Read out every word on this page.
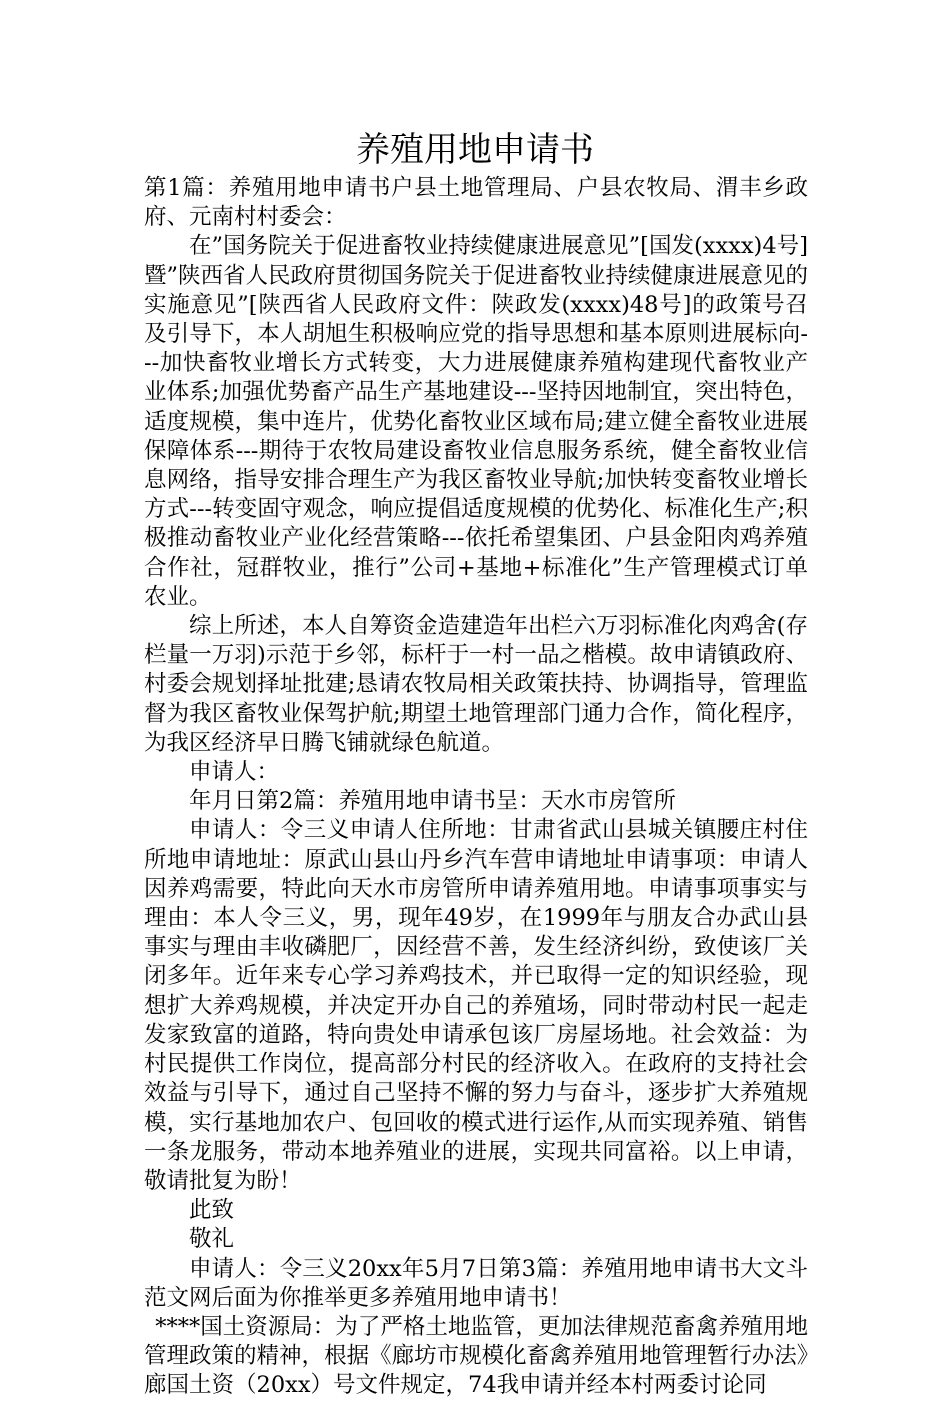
养殖用地申请书

第1篇：养殖用地申请书户县土地管理局、户县农牧局、渭丰乡政府、元南村村委会：

在”国务院关于促进畜牧业持续健康进展意见”[国发(xxxx)4号]暨”陕西省人民政府贯彻国务院关于促进畜牧业持续健康进展意见的实施意见”[陕西省人民政府文件：陕政发(xxxx)48号]的政策号召及引导下，本人胡旭生积极响应党的指导思想和基本原则进展标向---加快畜牧业增长方式转变，大力进展健康养殖构建现代畜牧业产业体系;加强优势畜产品生产基地建设---坚持因地制宜，突出特色，适度规模，集中连片，优势化畜牧业区域布局;建立健全畜牧业进展保障体系---期待于农牧局建设畜牧业信息服务系统，健全畜牧业信息网络，指导安排合理生产为我区畜牧业导航;加快转变畜牧业增长方式---转变固守观念，响应提倡适度规模的优势化、标准化生产;积极推动畜牧业产业化经营策略---依托希望集团、户县金阳肉鸡养殖合作社，冠群牧业，推行”公司+基地+标准化”生产管理模式订单农业。

综上所述，本人自筹资金造建造年出栏六万羽标准化肉鸡舍(存栏量一万羽)示范于乡邻，标杆于一村一品之楷模。故申请镇政府、村委会规划择址批建;恳请农牧局相关政策扶持、协调指导，管理监督为我区畜牧业保驾护航;期望土地管理部门通力合作，简化程序，为我区经济早日腾飞铺就绿色航道。

申请人：

年月日第2篇：养殖用地申请书呈：天水市房管所

申请人：令三义申请人住所地：甘肃省武山县城关镇腰庄村住所地申请地址：原武山县山丹乡汽车营申请地址申请事项：申请人因养鸡需要，特此向天水市房管所申请养殖用地。申请事项事实与理由：本人令三义，男，现年49岁，在1999年与朋友合办武山县事实与理由丰收磷肥厂，因经营不善，发生经济纠纷，致使该厂关闭多年。近年来专心学习养鸡技术，并已取得一定的知识经验，现想扩大养鸡规模，并决定开办自己的养殖场，同时带动村民一起走发家致富的道路，特向贵处申请承包该厂房屋场地。社会效益：为村民提供工作岗位，提高部分村民的经济收入。在政府的支持社会效益与引导下，通过自己坚持不懈的努力与奋斗，逐步扩大养殖规模，实行基地加农户、包回收的模式进行运作,从而实现养殖、销售一条龙服务，带动本地养殖业的进展，实现共同富裕。以上申请，敬请批复为盼！

此致

敬礼

申请人：令三义20xx年5月7日第3篇：养殖用地申请书大文斗范文网后面为你推举更多养殖用地申请书！

****国土资源局：为了严格土地监管，更加法律规范畜禽养殖用地管理政策的精神，根据《廊坊市规模化畜禽养殖用地管理暂行办法》廊国土资（20xx）号文件规定，74我申请并经本村两委讨论同
